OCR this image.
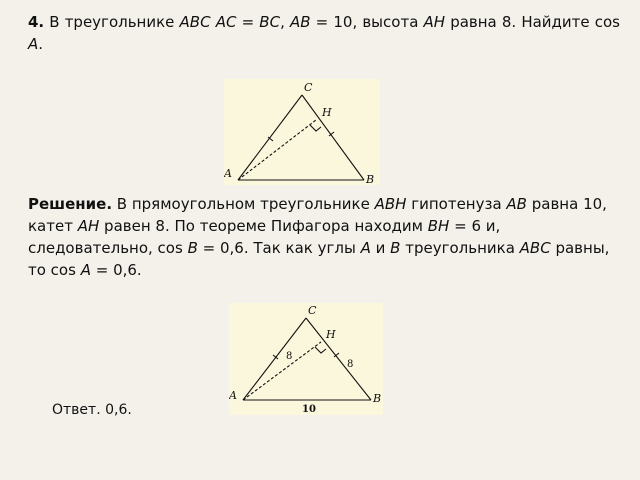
4. В треугольнике ABC AC = BC, AB = 10, высота AH равна 8. Найдите cos A.
C
H
A	B
Решение. В прямоугольном треугольнике ABH гипотенуза AB равна 10, катет AH равен 8. По теореме Пифагора находим BH = 6 и, следовательно, cos B = 0,6. Так как углы A и B треугольника ABC равны, то cos A = 0,6.
C
H
8
8
A	B
10
Ответ. 0,6.
